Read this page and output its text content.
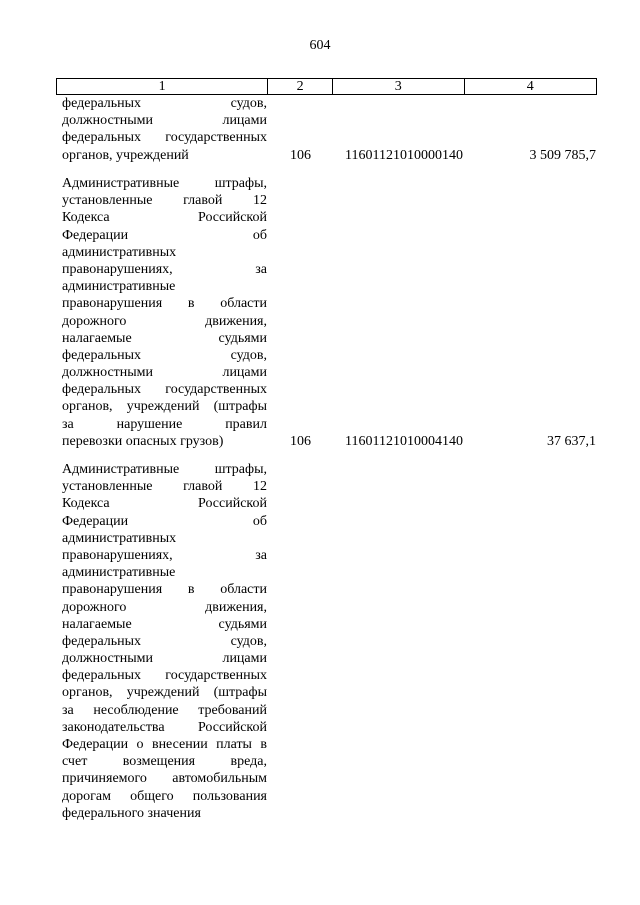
604
1	2	3	4
федеральных судов,
должностными лицами
федеральных государственных
органов, учреждений	106	11601121010000140	3 509 785,7
Административные штрафы,
установленные главой 12
Кодекса Российской
Федерации об
административных
правонарушениях, за
административные
правонарушения в области
дорожного движения,
налагаемые судьями
федеральных судов,
должностными лицами
федеральных государственных
органов, учреждений (штрафы
за нарушение правил
перевозки опасных грузов)	106	11601121010004140	37 637,1
Административные штрафы,
установленные главой 12
Кодекса Российской
Федерации об
административных
правонарушениях, за
административные
правонарушения в области
дорожного движения,
налагаемые судьями
федеральных судов,
должностными лицами
федеральных государственных
органов, учреждений (штрафы
за несоблюдение требований
законодательства Российской
Федерации о внесении платы в
счет возмещения вреда,
причиняемого автомобильным
дорогам общего пользования
федерального значения
